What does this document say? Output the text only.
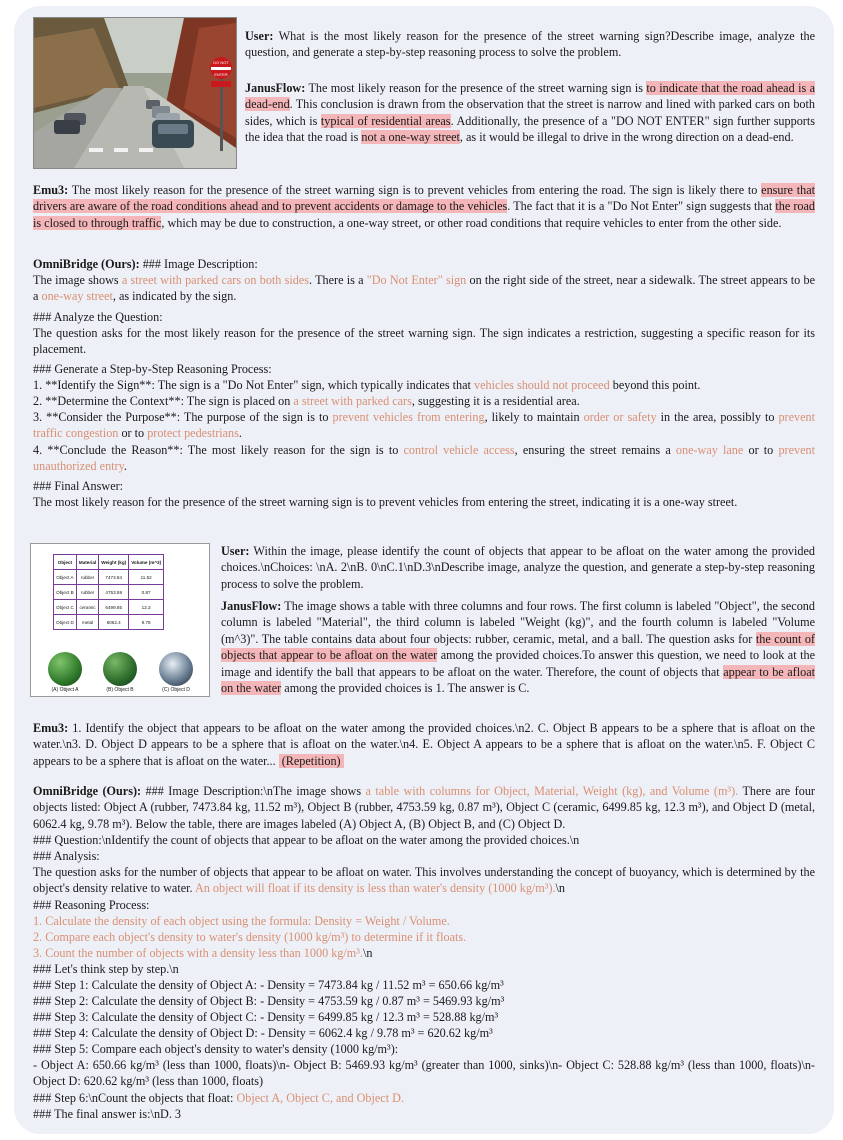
DO NOT
ENTER

User: What is the most likely reason for the presence of the street warning sign?Describe image, analyze the question, and generate a step-by-step reasoning process to solve the problem.

JanusFlow: The most likely reason for the presence of the street warning sign is to indicate that the road ahead is a dead-end. This conclusion is drawn from the observation that the street is narrow and lined with parked cars on both sides, which is typical of residential areas. Additionally, the presence of a "DO NOT ENTER" sign further supports the idea that the road is not a one-way street, as it would be illegal to drive in the wrong direction on a dead-end.

Emu3: The most likely reason for the presence of the street warning sign is to prevent vehicles from entering the road. The sign is likely there to ensure that drivers are aware of the road conditions ahead and to prevent accidents or damage to the vehicles. The fact that it is a "Do Not Enter" sign suggests that the road is closed to through traffic, which may be due to construction, a one-way street, or other road conditions that require vehicles to enter from the other side.

OmniBridge (Ours): ### Image Description:

The image shows a street with parked cars on both sides. There is a "Do Not Enter" sign on the right side of the street, near a sidewalk. The street appears to be a one-way street, as indicated by the sign.

### Analyze the Question:

The question asks for the most likely reason for the presence of the street warning sign. The sign indicates a restriction, suggesting a specific reason for its placement.

### Generate a Step-by-Step Reasoning Process:

1. **Identify the Sign**: The sign is a "Do Not Enter" sign, which typically indicates that vehicles should not proceed beyond this point.

2. **Determine the Context**: The sign is placed on a street with parked cars, suggesting it is a residential area.

3. **Consider the Purpose**: The purpose of the sign is to prevent vehicles from entering, likely to maintain order or safety in the area, possibly to prevent traffic congestion or to protect pedestrians.

4. **Conclude the Reason**: The most likely reason for the sign is to control vehicle access, ensuring the street remains a one-way lane or to prevent unauthorized entry.

### Final Answer:

The most likely reason for the presence of the street warning sign is to prevent vehicles from entering the street, indicating it is a one-way street.

Object	Material	Weight (kg)	Volume (m^3)
Object A	rubber	7473.84	11.52
Object B	rubber	4753.59	0.87
Object C	ceramic	6499.85	12.3
Object D	metal	6062.4	9.78
(A) Object A	(B) Object B	(C) Object D

User: Within the image, please identify the count of objects that appear to be afloat on the water among the provided choices.\nChoices: \nA. 2\nB. 0\nC.1\nD.3\nDescribe image, analyze the question, and generate a step-by-step reasoning process to solve the problem.

JanusFlow: The image shows a table with three columns and four rows. The first column is labeled "Object", the second column is labeled "Material", the third column is labeled "Weight (kg)", and the fourth column is labeled "Volume (m^3)". The table contains data about four objects: rubber, ceramic, metal, and a ball. The question asks for the count of objects that appear to be afloat on the water among the provided choices.To answer this question, we need to look at the image and identify the ball that appears to be afloat on the water. Therefore, the count of objects that appear to be afloat on the water among the provided choices is 1. The answer is C.

Emu3: 1. Identify the object that appears to be afloat on the water among the provided choices.\n2. C. Object B appears to be a sphere that is afloat on the water.\n3. D. Object D appears to be a sphere that is afloat on the water.\n4. E. Object A appears to be a sphere that is afloat on the water.\n5. F. Object C appears to be a sphere that is afloat on the water... (Repetition)

OmniBridge (Ours): ### Image Description:\nThe image shows a table with columns for Object, Material, Weight (kg), and Volume (m³). There are four objects listed: Object A (rubber, 7473.84 kg, 11.52 m³), Object B (rubber, 4753.59 kg, 0.87 m³), Object C (ceramic, 6499.85 kg, 12.3 m³), and Object D (metal, 6062.4 kg, 9.78 m³). Below the table, there are images labeled (A) Object A, (B) Object B, and (C) Object D.

### Question:\nIdentify the count of objects that appear to be afloat on the water among the provided choices.\n

### Analysis:

The question asks for the number of objects that appear to be afloat on water. This involves understanding the concept of buoyancy, which is determined by the object's density relative to water. An object will float if its density is less than water's density (1000 kg/m³).\n

### Reasoning Process:

1. Calculate the density of each object using the formula: Density = Weight / Volume.

2. Compare each object's density to water's density (1000 kg/m³) to determine if it floats.

3. Count the number of objects with a density less than 1000 kg/m³.\n

### Let's think step by step.\n

### Step 1: Calculate the density of Object A: - Density = 7473.84 kg / 11.52 m³ = 650.66 kg/m³

### Step 2: Calculate the density of Object B: - Density = 4753.59 kg / 0.87 m³ = 5469.93 kg/m³

### Step 3: Calculate the density of Object C: - Density = 6499.85 kg / 12.3 m³ = 528.88 kg/m³

### Step 4: Calculate the density of Object D: - Density = 6062.4 kg / 9.78 m³ = 620.62 kg/m³

### Step 5: Compare each object's density to water's density (1000 kg/m³):

- Object A: 650.66 kg/m³ (less than 1000, floats)\n- Object B: 5469.93 kg/m³ (greater than 1000, sinks)\n- Object C: 528.88 kg/m³ (less than 1000, floats)\n- Object D: 620.62 kg/m³ (less than 1000, floats)

### Step 6:\nCount the objects that float: Object A, Object C, and Object D.

### The final answer is:\nD. 3
